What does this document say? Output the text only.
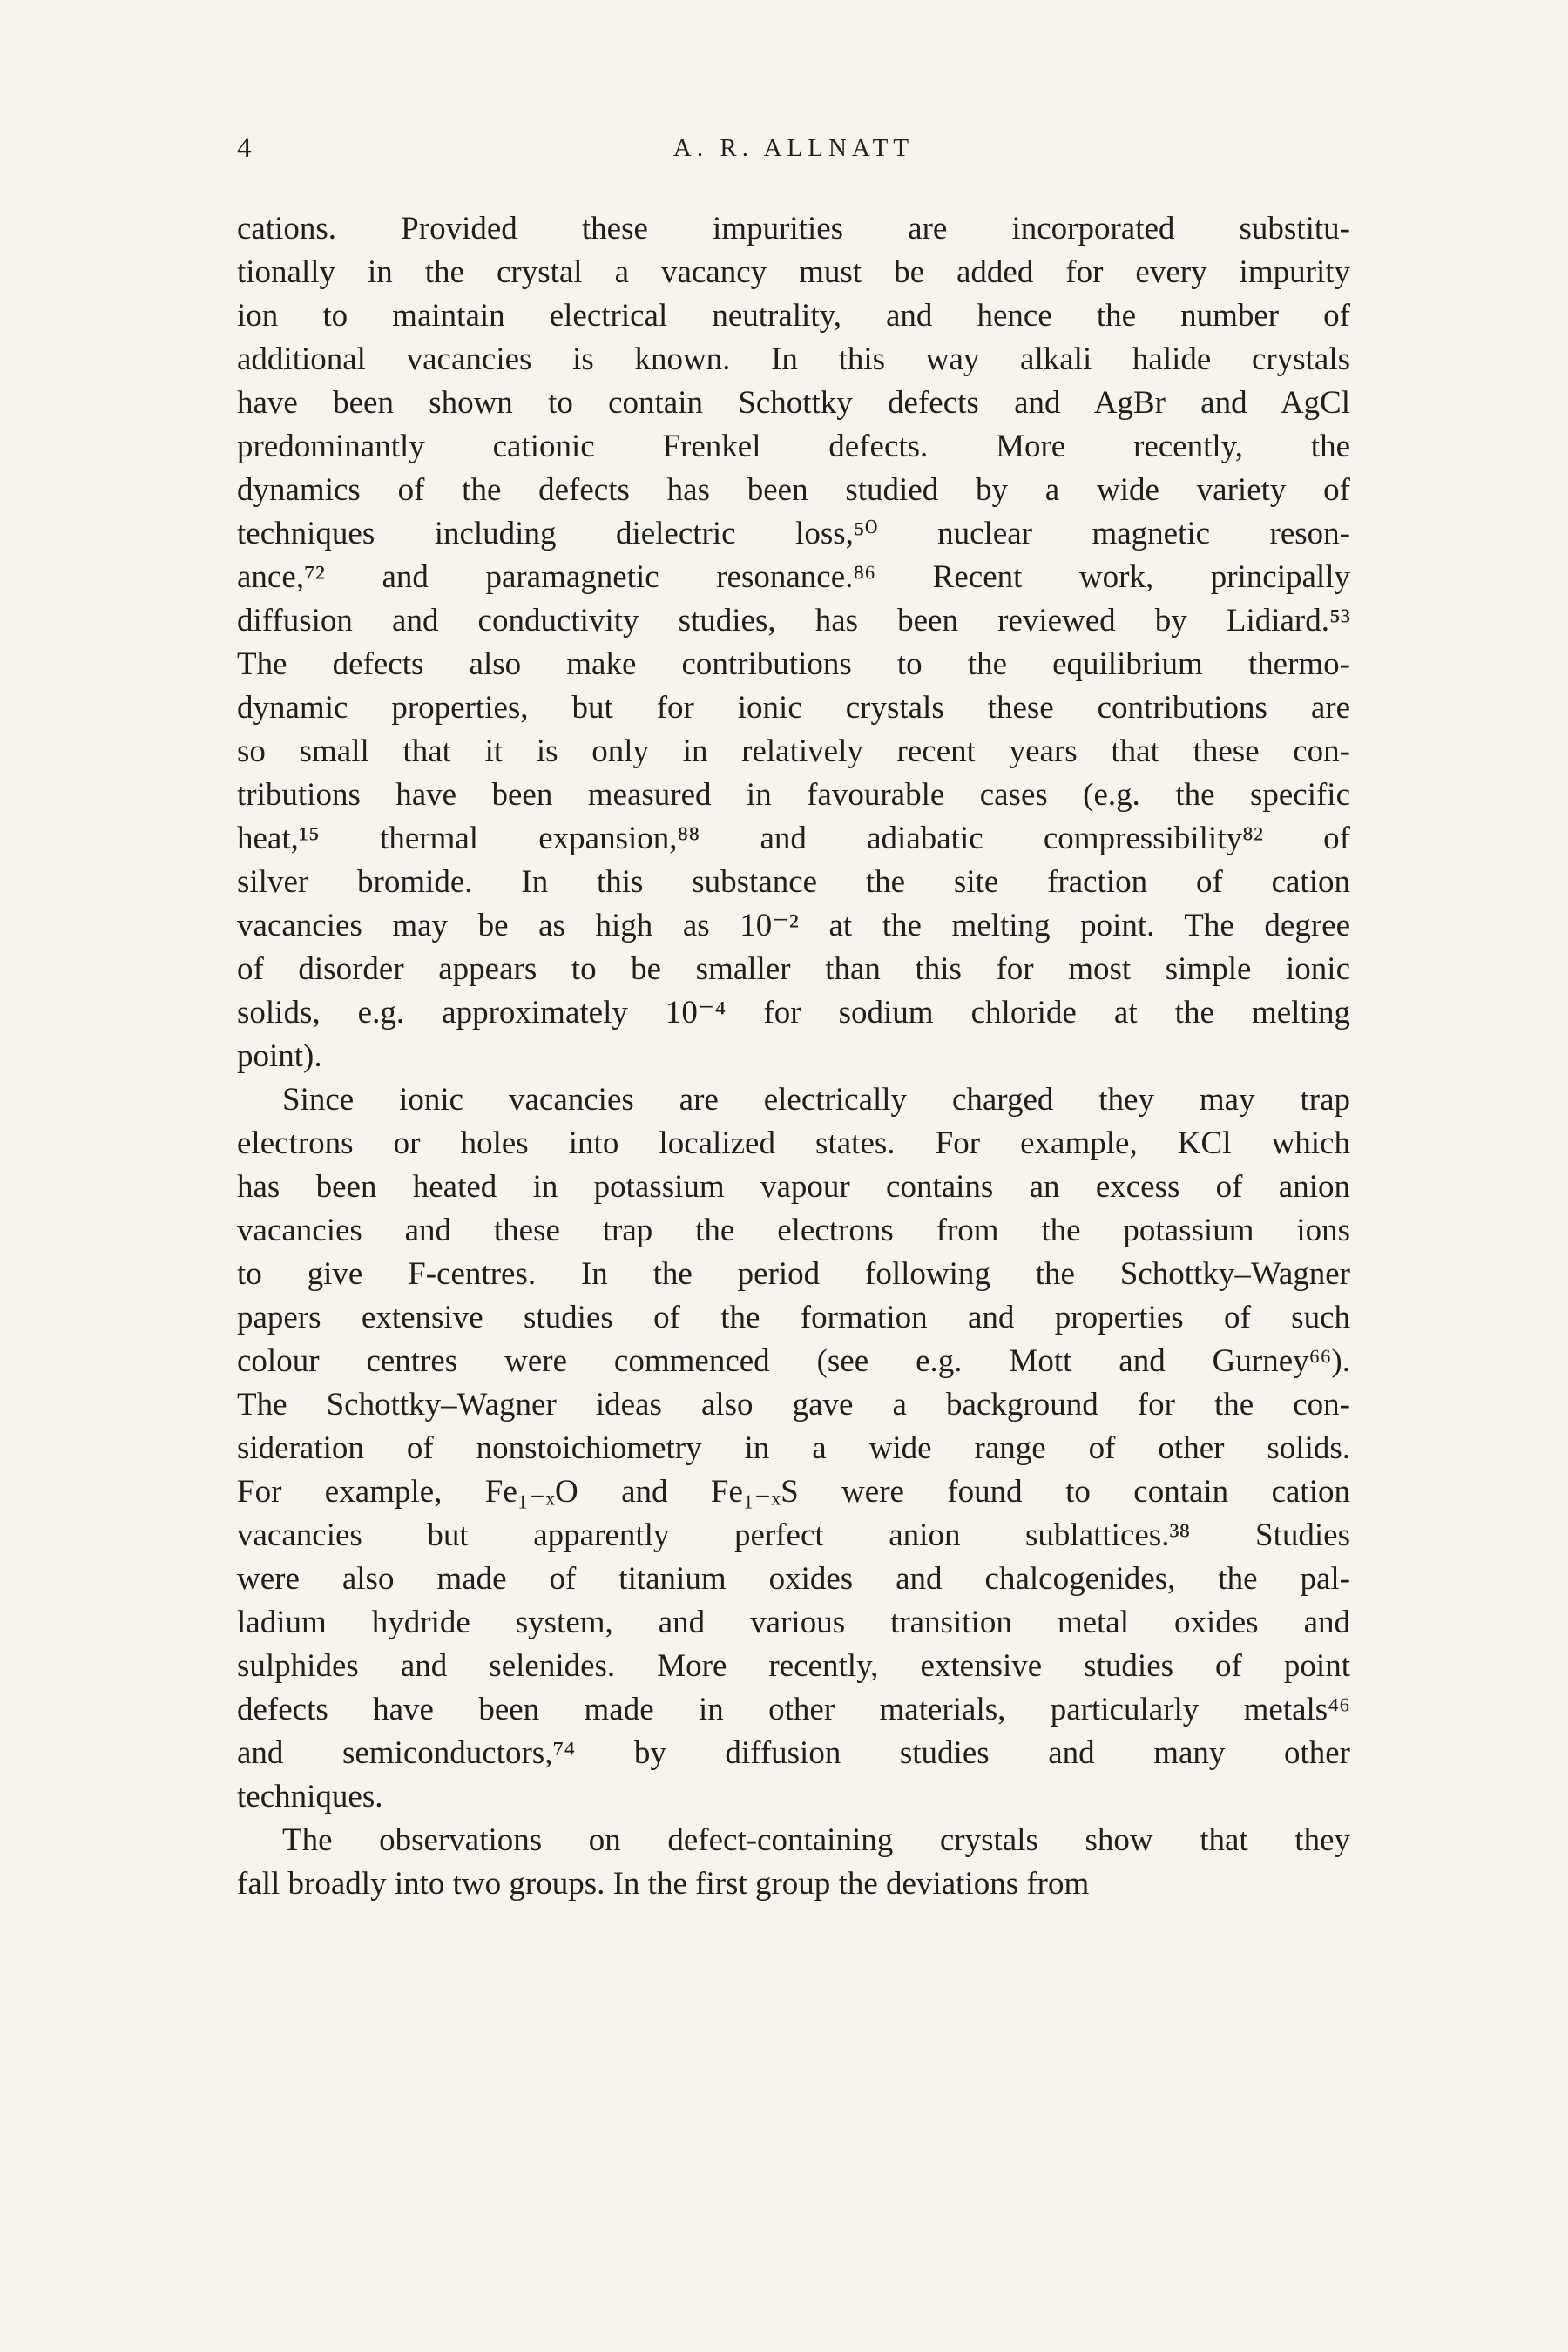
4	A. R. ALLNATT
cations. Provided these impurities are incorporated substitu-
tionally in the crystal a vacancy must be added for every impurity
ion to maintain electrical neutrality, and hence the number of
additional vacancies is known. In this way alkali halide crystals
have been shown to contain Schottky defects and AgBr and AgCl
predominantly cationic Frenkel defects. More recently, the
dynamics of the defects has been studied by a wide variety of
techniques including dielectric loss,⁵⁰ nuclear magnetic reson-
ance,⁷² and paramagnetic resonance.⁸⁶ Recent work, principally
diffusion and conductivity studies, has been reviewed by Lidiard.⁵³
The defects also make contributions to the equilibrium thermo-
dynamic properties, but for ionic crystals these contributions are
so small that it is only in relatively recent years that these con-
tributions have been measured in favourable cases (e.g. the specific
heat,¹⁵ thermal expansion,⁸⁸ and adiabatic compressibility⁸² of
silver bromide. In this substance the site fraction of cation
vacancies may be as high as 10⁻² at the melting point. The degree
of disorder appears to be smaller than this for most simple ionic
solids, e.g. approximately 10⁻⁴ for sodium chloride at the melting
point).
Since ionic vacancies are electrically charged they may trap
electrons or holes into localized states. For example, KCl which
has been heated in potassium vapour contains an excess of anion
vacancies and these trap the electrons from the potassium ions
to give F-centres. In the period following the Schottky–Wagner
papers extensive studies of the formation and properties of such
colour centres were commenced (see e.g. Mott and Gurney⁶⁶).
The Schottky–Wagner ideas also gave a background for the con-
sideration of nonstoichiometry in a wide range of other solids.
For example, Fe₁₋ₓO and Fe₁₋ₓS were found to contain cation
vacancies but apparently perfect anion sublattices.³⁸ Studies
were also made of titanium oxides and chalcogenides, the pal-
ladium hydride system, and various transition metal oxides and
sulphides and selenides. More recently, extensive studies of point
defects have been made in other materials, particularly metals⁴⁶
and semiconductors,⁷⁴ by diffusion studies and many other
techniques.
The observations on defect-containing crystals show that they
fall broadly into two groups. In the first group the deviations from
